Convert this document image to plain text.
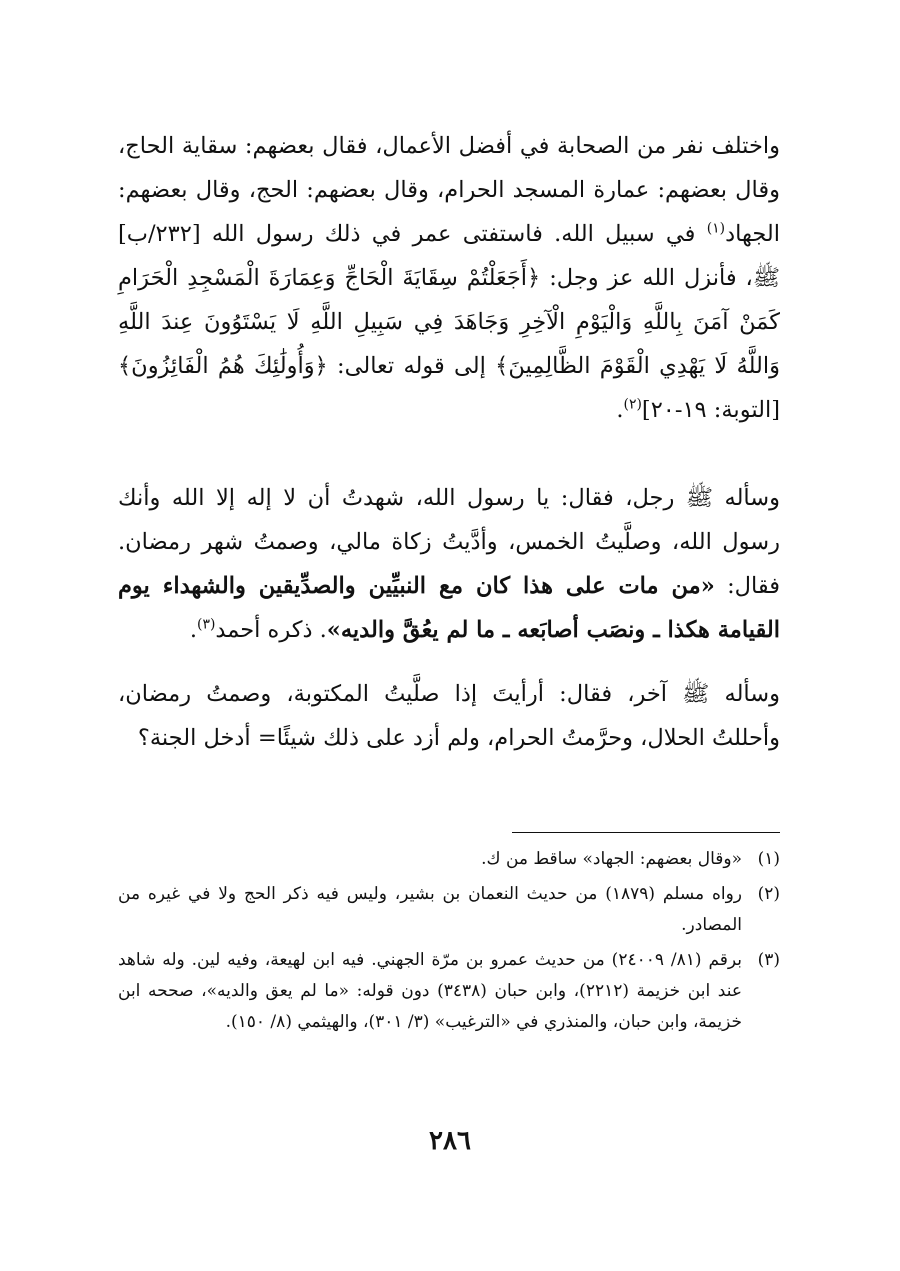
واختلف نفر من الصحابة في أفضل الأعمال، فقال بعضهم: سقاية الحاج، وقال بعضهم: عمارة المسجد الحرام، وقال بعضهم: الحج، وقال بعضهم: الجهاد$^{(١)}$ في سبيل الله. فاستفتى عمر في ذلك رسول الله [٢٣٢/ب] ﷺ، فأنزل الله عز وجل: ﴿أَجَعَلْتُمْ سِقَايَةَ الْحَاجِّ وَعِمَارَةَ الْمَسْجِدِ الْحَرَامِ كَمَنْ آمَنَ بِاللَّهِ وَالْيَوْمِ الْآخِرِ وَجَاهَدَ فِي سَبِيلِ اللَّهِ لَا يَسْتَوُونَ عِندَ اللَّهِ وَاللَّهُ لَا يَهْدِي الْقَوْمَ الظَّالِمِينَ﴾ إلى قوله تعالى: ﴿وَأُولَٰئِكَ هُمُ الْفَائِزُونَ﴾ [التوبة: ١٩-٢٠]$^{(٢)}$.

وسأله ﷺ رجل، فقال: يا رسول الله، شهدتُ أن لا إله إلا الله وأنك رسول الله، وصلَّيتُ الخمس، وأدَّيتُ زكاة مالي، وصمتُ شهر رمضان. فقال: «من مات على هذا كان مع النبيِّين والصدِّيقين والشهداء يوم القيامة هكذا ـ ونصَب أصابَعه ـ ما لم يعُقَّ والديه». ذكره أحمد$^{(٣)}$.

وسأله ﷺ آخر، فقال: أرأيتَ إذا صلَّيتُ المكتوبة، وصمتُ رمضان، وأحللتُ الحلال، وحرَّمتُ الحرام، ولم أزد على ذلك شيئًا= أدخل الجنة؟

(١)
«وقال بعضهم: الجهاد» ساقط من ك.
(٢)
رواه مسلم (١٨٧٩) من حديث النعمان بن بشير، وليس فيه ذكر الحج ولا في غيره من المصادر.
(٣)
برقم (٨١/ ٢٤٠٠٩) من حديث عمرو بن مرّة الجهني. فيه ابن لهيعة، وفيه لين. وله شاهد عند ابن خزيمة (٢٢١٢)، وابن حبان (٣٤٣٨) دون قوله: «ما لم يعق والديه»، صححه ابن خزيمة، وابن حبان، والمنذري في «الترغيب» (٣/ ٣٠١)، والهيثمي (٨/ ١٥٠).
٢٨٦
